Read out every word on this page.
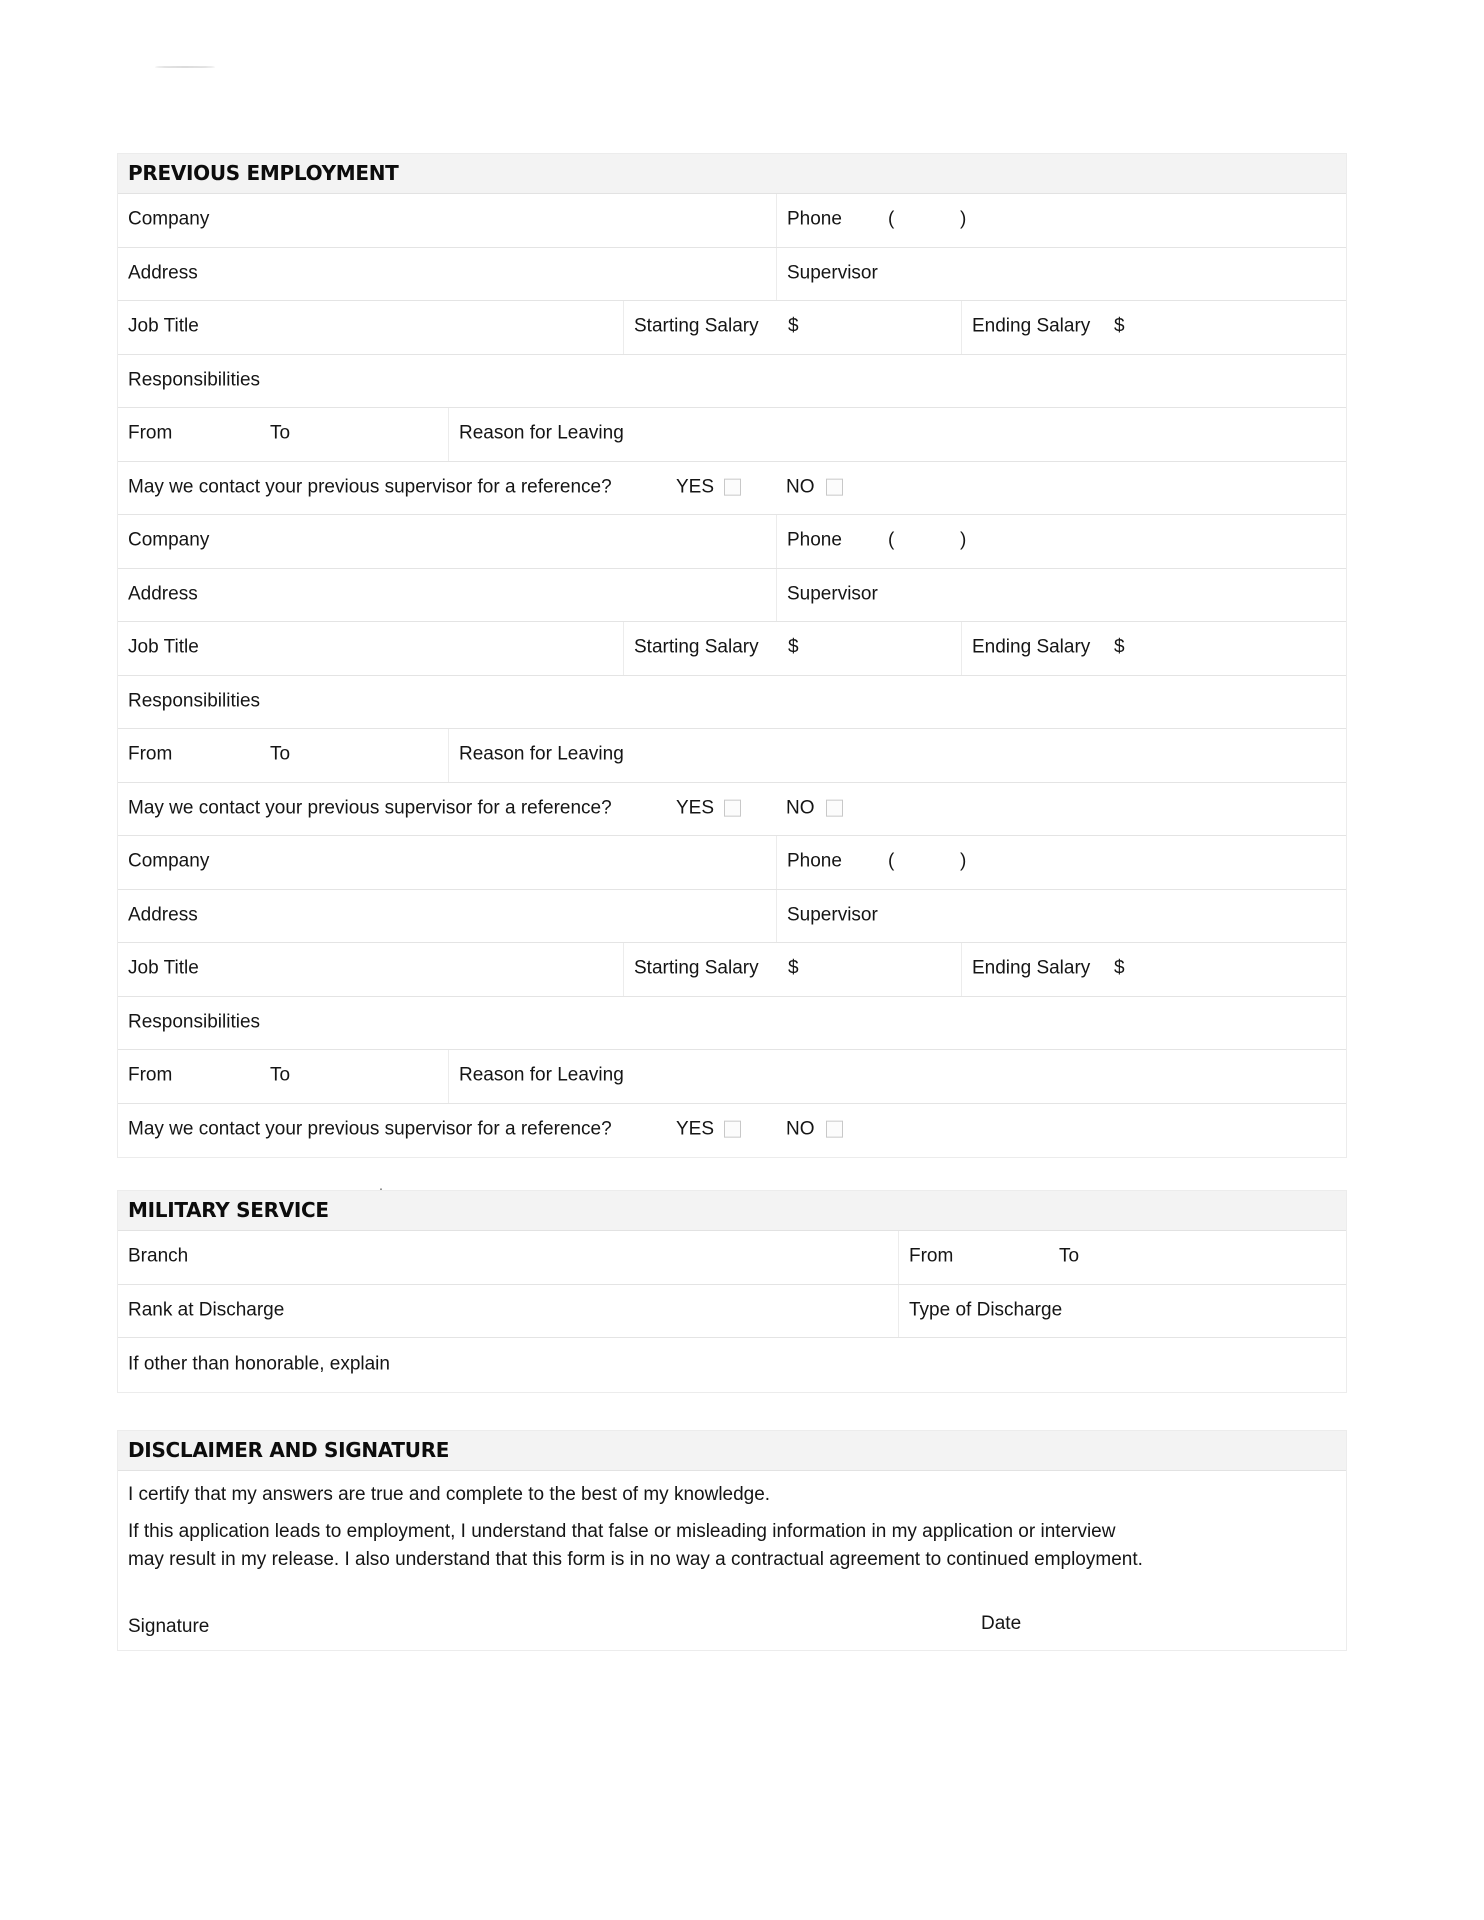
PREVIOUS EMPLOYMENT
Company	Phone (	)
Address	Supervisor
Job Title	Starting Salary $	Ending Salary $
Responsibilities
From	To	Reason for Leaving
May we contact your previous supervisor for a reference?	YES	NO
Company	Phone (	)
Address	Supervisor
Job Title	Starting Salary $	Ending Salary $
Responsibilities
From	To	Reason for Leaving
May we contact your previous supervisor for a reference?	YES	NO
Company	Phone (	)
Address	Supervisor
Job Title	Starting Salary $	Ending Salary $
Responsibilities
From	To	Reason for Leaving
May we contact your previous supervisor for a reference?	YES	NO
MILITARY SERVICE
Branch	From	To
Rank at Discharge	Type of Discharge
If other than honorable, explain
DISCLAIMER AND SIGNATURE
I certify that my answers are true and complete to the best of my knowledge.
If this application leads to employment, I understand that false or misleading information in my application or interview
may result in my release. I also understand that this form is in no way a contractual agreement to continued employment.
Signature	Date
